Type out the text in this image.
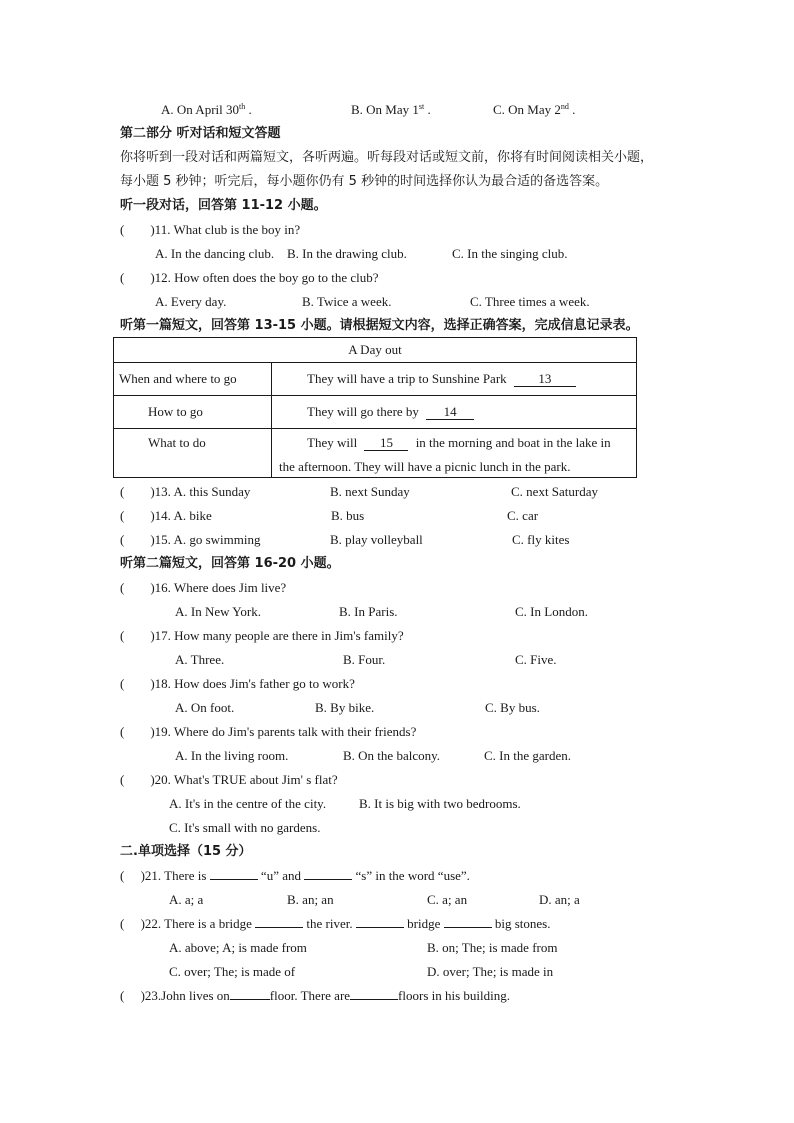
A. On April 30th .	B. On May 1st .	C. On May 2nd .
第二部分 听对话和短文答题
你将听到一段对话和两篇短文，各听两遍。听每段对话或短文前，你将有时间阅读相关小题，
每小题 5 秒钟；听完后，每小题你仍有 5 秒钟的时间选择你认为最合适的备选答案。
听一段对话，回答第 11-12 小题。
(　　)11. What club is the boy in?
A. In the dancing club. B. In the drawing club.	C. In the singing club.
(　　)12. How often does the boy go to the club?
A. Every day.	B. Twice a week.	C. Three times a week.
听第一篇短文，回答第 13-15 小题。请根据短文内容，选择正确答案，完成信息记录表。
A Day out	
When and where to go	They will have a trip to Sunshine Park 13
How to go	They will go there by 14
What to do	They will 15 in the morning and boat in the lake in
the afternoon. They will have a picnic lunch in the park.
(　　)13. A. this Sunday	B. next Sunday	C. next Saturday
(　　)14. A. bike	B. bus	C. car
(　　)15. A. go swimming	B. play volleyball	C. fly kites
听第二篇短文，回答第 16-20 小题。
(　　)16. Where does Jim live?
A. In New York.	B. In Paris.	C. In London.
(　　)17. How many people are there in Jim's family?
A. Three.	B. Four.	C. Five.
(　　)18. How does Jim's father go to work?
A. On foot.	B. By bike.	C. By bus.
(　　)19. Where do Jim's parents talk with their friends?
A. In the living room.	B. On the balcony.	C. In the garden.
(　　)20. What's TRUE about Jim' s flat?
A. It's in the centre of the city.	B. It is big with two bedrooms.
C. It's small with no gardens.
二.单项选择（15 分）
(　 )21. There is	“u” and	“s” in the word “use”.
A. a; a	B. an; an	C. a; an	D. an; a
(　 )22. There is a bridge	the river.	bridge	big stones.
A. above; A; is made from	B. on; The; is made from
C. over; The; is made of	D. over; The; is made in
(　 )23.John lives on	floor. There are	floors in his building.
